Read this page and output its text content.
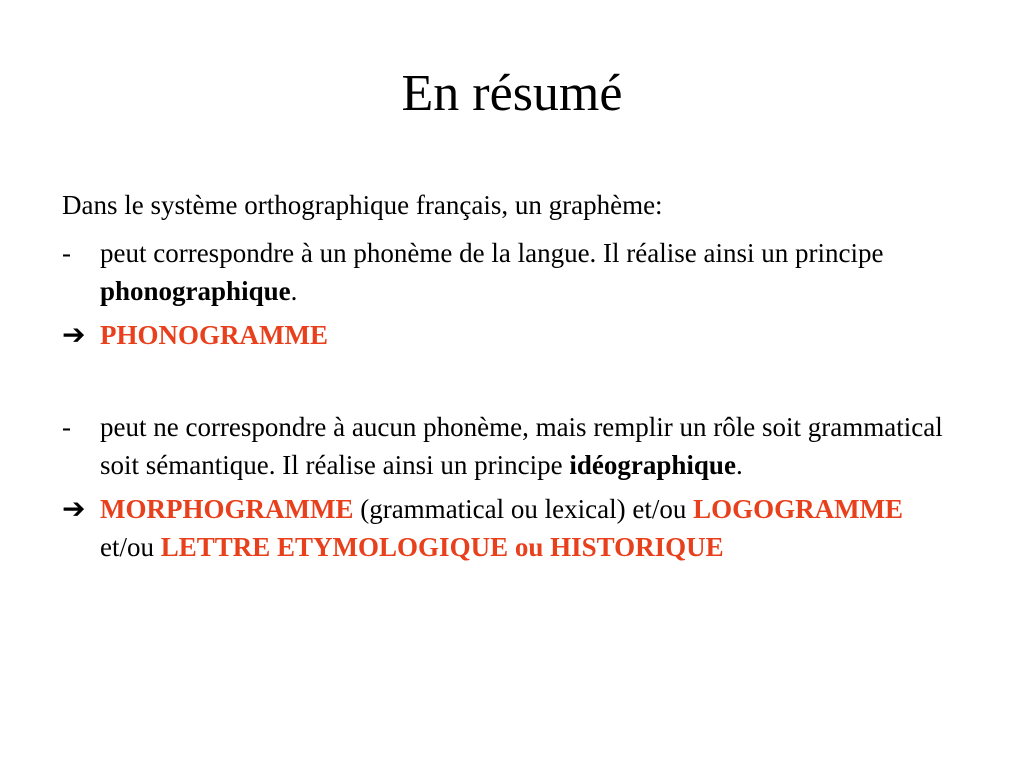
En résumé

Dans le système orthographique français, un graphème:

-	peut correspondre à un phonème de la langue. Il réalise ainsi un principe phonographique.
➔ PHONOGRAMME
-	peut ne correspondre à aucun phonème, mais remplir un rôle soit grammatical soit sémantique. Il réalise ainsi un principe idéographique.
➔ MORPHOGRAMME (grammatical ou lexical) et/ou LOGOGRAMME et/ou LETTRE ETYMOLOGIQUE ou HISTORIQUE
